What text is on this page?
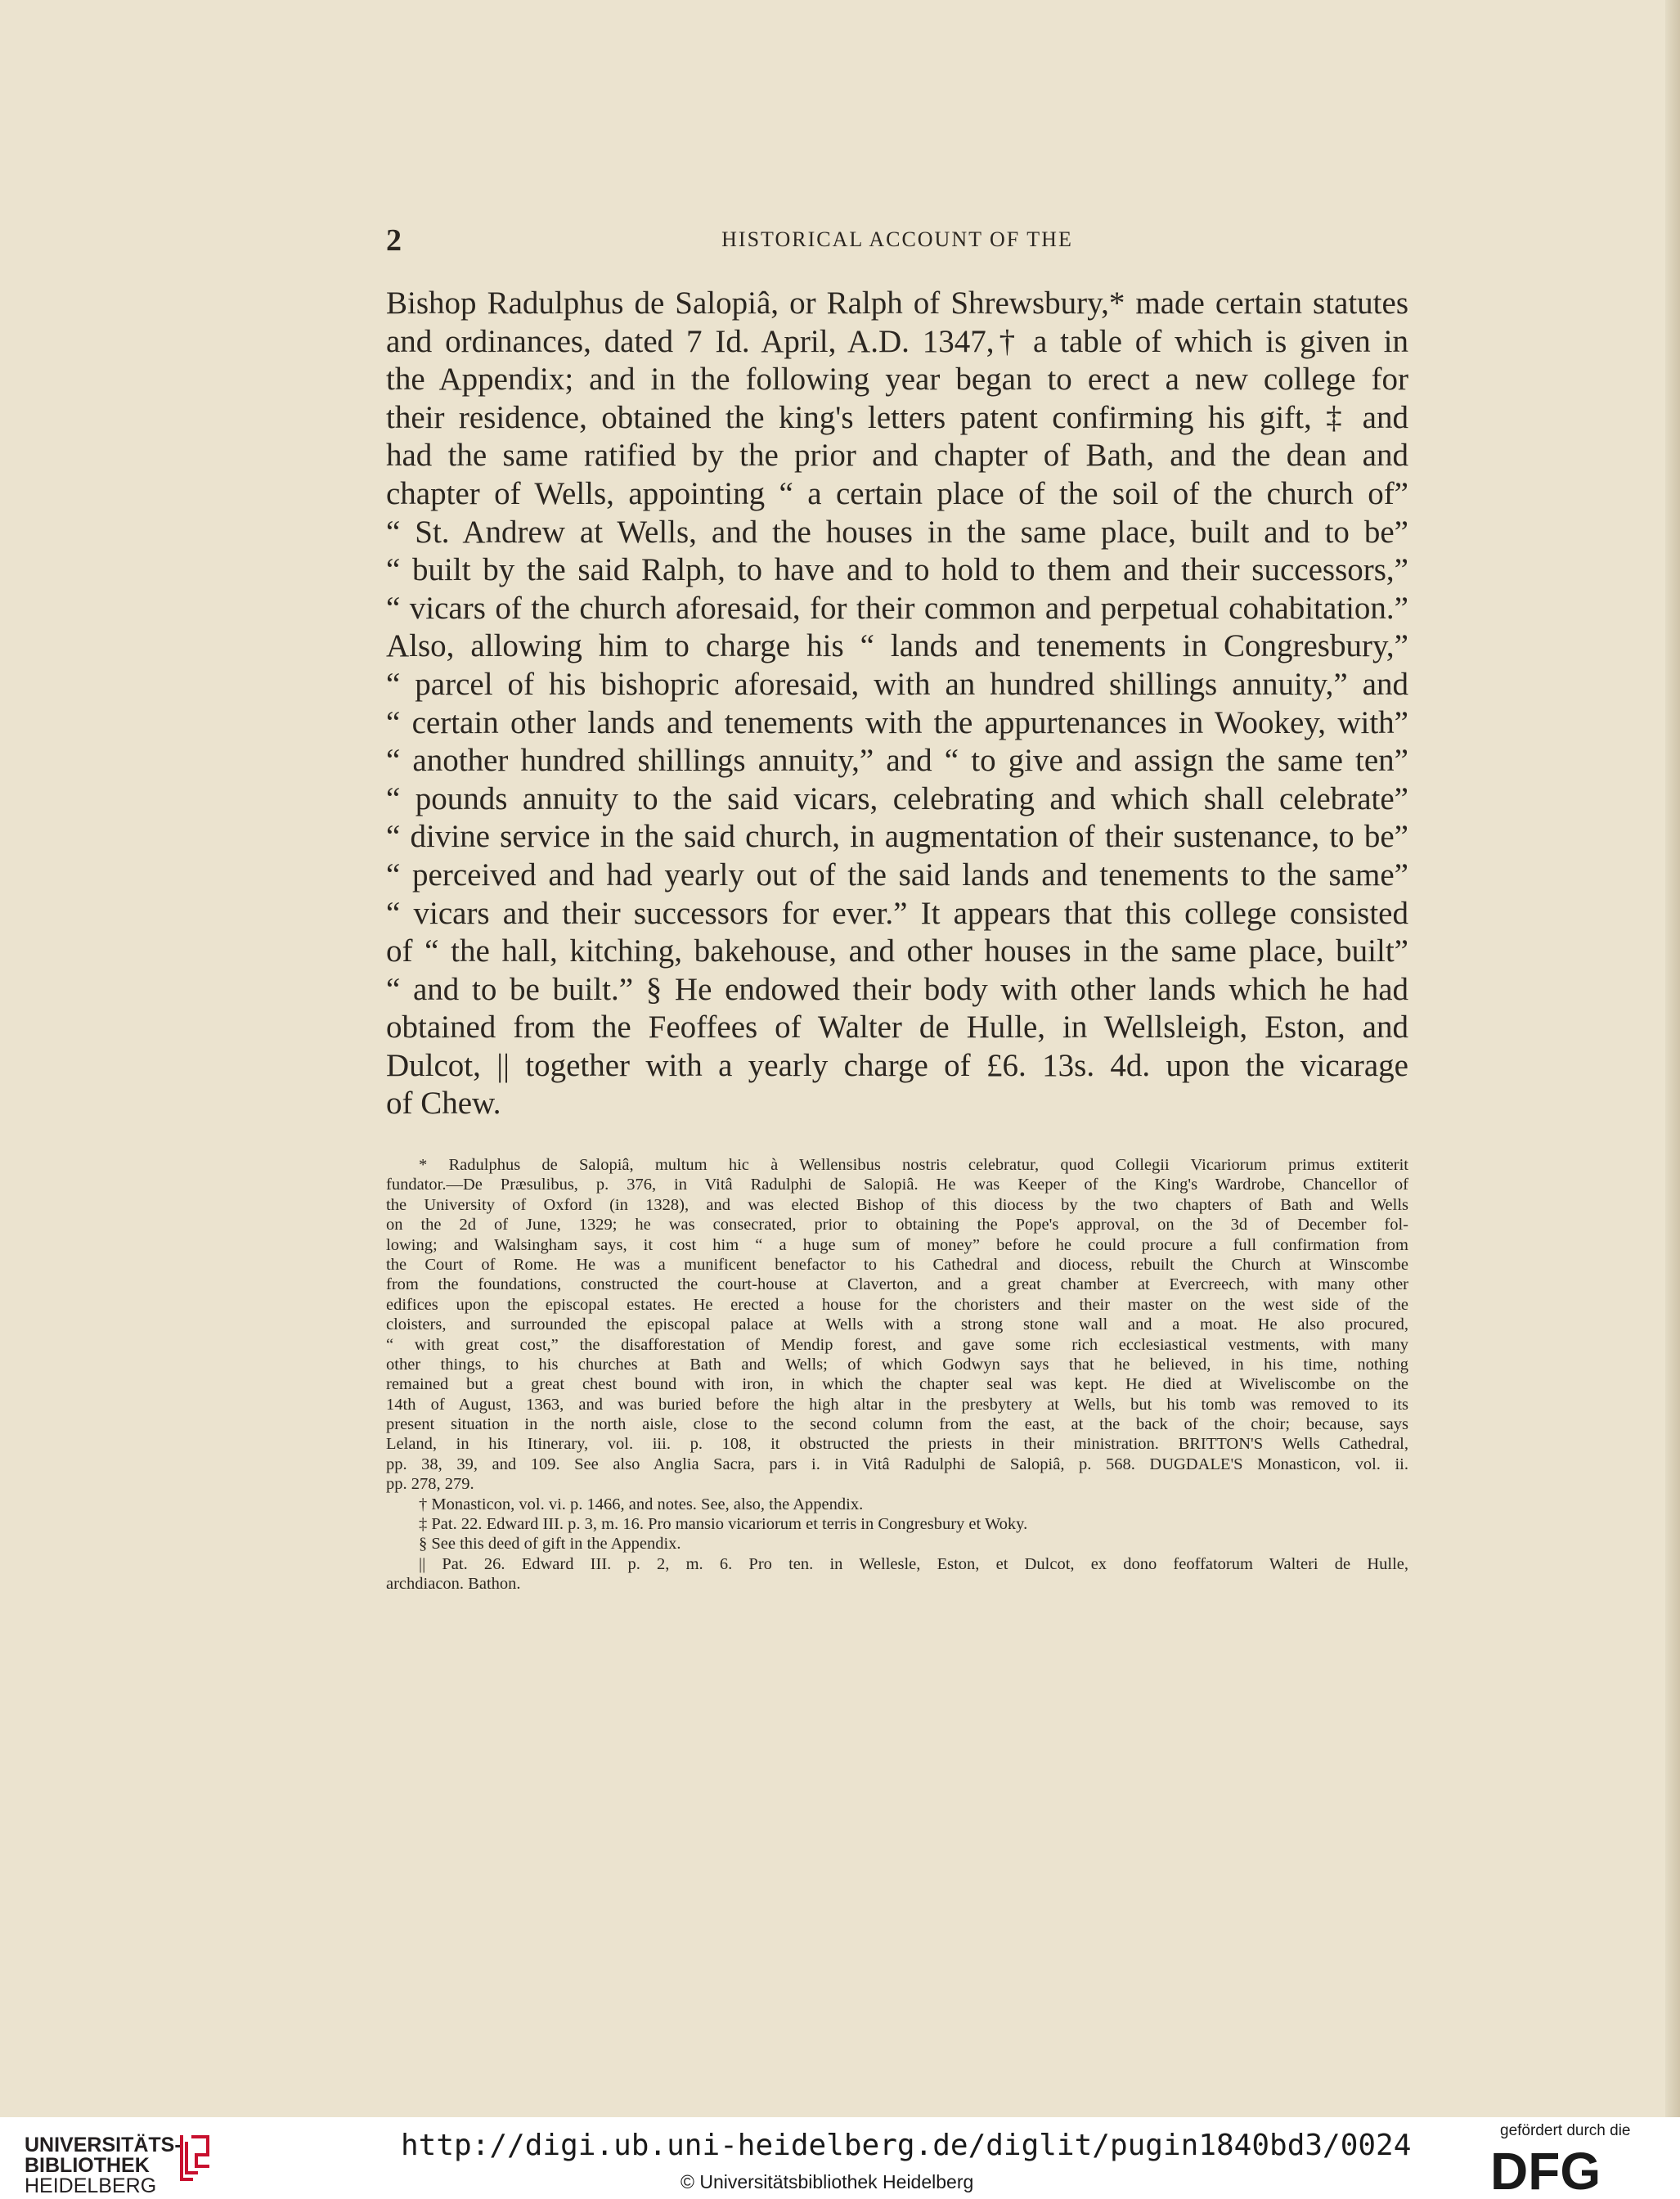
2	HISTORICAL ACCOUNT OF THE
Bishop Radulphus de Salopiâ, or Ralph of Shrewsbury,* made certain statutes
and ordinances, dated 7 Id. April, A.D. 1347,† a table of which is given in
the Appendix; and in the following year began to erect a new college for
their residence, obtained the king's letters patent confirming his gift, ‡ and
had the same ratified by the prior and chapter of Bath, and the dean and
chapter of Wells, appointing “ a certain place of the soil of the church of”
“ St. Andrew at Wells, and the houses in the same place, built and to be”
“ built by the said Ralph, to have and to hold to them and their successors,”
“ vicars of the church aforesaid, for their common and perpetual cohabitation.”
Also, allowing him to charge his “ lands and tenements in Congresbury,”
“ parcel of his bishopric aforesaid, with an hundred shillings annuity,” and
“ certain other lands and tenements with the appurtenances in Wookey, with”
“ another hundred shillings annuity,” and “ to give and assign the same ten”
“ pounds annuity to the said vicars, celebrating and which shall celebrate”
“ divine service in the said church, in augmentation of their sustenance, to be”
“ perceived and had yearly out of the said lands and tenements to the same”
“ vicars and their successors for ever.” It appears that this college consisted
of “ the hall, kitching, bakehouse, and other houses in the same place, built”
“ and to be built.” § He endowed their body with other lands which he had
obtained from the Feoffees of Walter de Hulle, in Wellsleigh, Eston, and
Dulcot, || together with a yearly charge of £6. 13s. 4d. upon the vicarage
of Chew.
* Radulphus de Salopiâ, multum hic à Wellensibus nostris celebratur, quod Collegii Vicariorum primus extiterit
fundator.—De Præsulibus, p. 376, in Vitâ Radulphi de Salopiâ. He was Keeper of the King's Wardrobe, Chancellor of
the University of Oxford (in 1328), and was elected Bishop of this diocess by the two chapters of Bath and Wells
on the 2d of June, 1329; he was consecrated, prior to obtaining the Pope's approval, on the 3d of December fol-
lowing; and Walsingham says, it cost him “ a huge sum of money” before he could procure a full confirmation from
the Court of Rome. He was a munificent benefactor to his Cathedral and diocess, rebuilt the Church at Winscombe
from the foundations, constructed the court-house at Claverton, and a great chamber at Evercreech, with many other
edifices upon the episcopal estates. He erected a house for the choristers and their master on the west side of the
cloisters, and surrounded the episcopal palace at Wells with a strong stone wall and a moat. He also procured,
“ with great cost,” the disafforestation of Mendip forest, and gave some rich ecclesiastical vestments, with many
other things, to his churches at Bath and Wells; of which Godwyn says that he believed, in his time, nothing
remained but a great chest bound with iron, in which the chapter seal was kept. He died at Wiveliscombe on the
14th of August, 1363, and was buried before the high altar in the presbytery at Wells, but his tomb was removed to its
present situation in the north aisle, close to the second column from the east, at the back of the choir; because, says
Leland, in his Itinerary, vol. iii. p. 108, it obstructed the priests in their ministration. BRITTON'S Wells Cathedral,
pp. 38, 39, and 109. See also Anglia Sacra, pars i. in Vitâ Radulphi de Salopiâ, p. 568. DUGDALE'S Monasticon, vol. ii.
pp. 278, 279.
† Monasticon, vol. vi. p. 1466, and notes. See, also, the Appendix.
‡ Pat. 22. Edward III. p. 3, m. 16. Pro mansio vicariorum et terris in Congresbury et Woky.
§ See this deed of gift in the Appendix.
|| Pat. 26. Edward III. p. 2, m. 6. Pro ten. in Wellesle, Eston, et Dulcot, ex dono feoffatorum Walteri de Hulle,
archdiacon. Bathon.
UNIVERSITÄTS-
BIBLIOTHEK
HEIDELBERG
http://digi.ub.uni-heidelberg.de/diglit/pugin1840bd3/0024
© Universitätsbibliothek Heidelberg
gefördert durch die
DFG
